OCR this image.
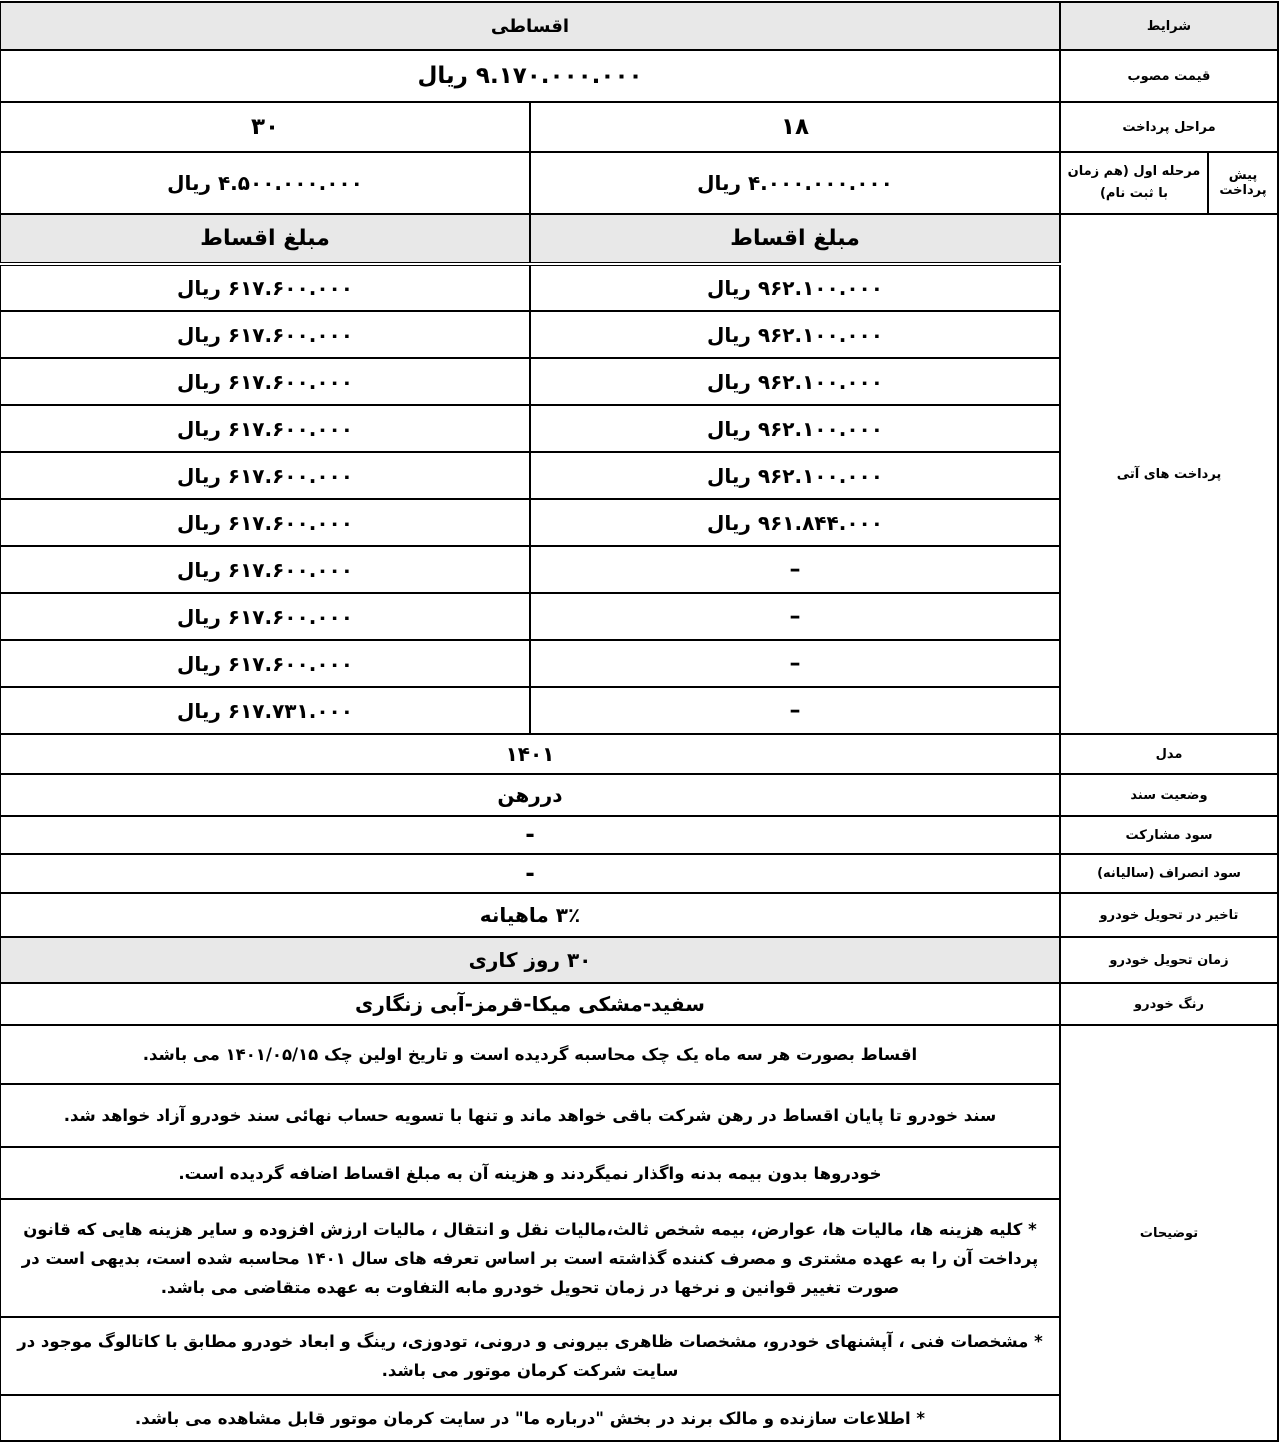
شرایط		اقساطی	
قیمت مصوب		۹.۱۷۰.۰۰۰.۰۰۰ ریال	
مراحل پرداخت		۱۸	۳۰
پیش پرداخت	مرحله اول (هم زمان با ثبت نام)	۴.۰۰۰.۰۰۰.۰۰۰ ریال	۴.۵۰۰.۰۰۰.۰۰۰ ریال
پرداخت های آتی		مبلغ اقساط	مبلغ اقساط
		۹۶۲.۱۰۰.۰۰۰ ریال	۶۱۷.۶۰۰.۰۰۰ ریال
		۹۶۲.۱۰۰.۰۰۰ ریال	۶۱۷.۶۰۰.۰۰۰ ریال
		۹۶۲.۱۰۰.۰۰۰ ریال	۶۱۷.۶۰۰.۰۰۰ ریال
		۹۶۲.۱۰۰.۰۰۰ ریال	۶۱۷.۶۰۰.۰۰۰ ریال
		۹۶۲.۱۰۰.۰۰۰ ریال	۶۱۷.۶۰۰.۰۰۰ ریال
		۹۶۱.۸۴۴.۰۰۰ ریال	۶۱۷.۶۰۰.۰۰۰ ریال
		–	۶۱۷.۶۰۰.۰۰۰ ریال
		–	۶۱۷.۶۰۰.۰۰۰ ریال
		–	۶۱۷.۶۰۰.۰۰۰ ریال
		–	۶۱۷.۷۳۱.۰۰۰ ریال
مدل		۱۴۰۱	
وضعیت سند		دررهن	
سود مشارکت		-	
سود انصراف (سالیانه)		-	
تاخیر در تحویل خودرو		۳٪ ماهیانه	
زمان تحویل خودرو		۳۰ روز کاری	
رنگ خودرو		سفید-مشکی میکا-قرمز-آبی زنگاری	
توضیحات		اقساط بصورت هر سه ماه یک چک محاسبه گردیده است و تاریخ اولین چک ۱۴۰۱/۰۵/۱۵ می باشد.	
		سند خودرو تا پایان اقساط در رهن شرکت باقی خواهد ماند و تنها با تسویه حساب نهائی سند خودرو آزاد خواهد شد.	
		خودروها بدون بیمه بدنه واگذار نمیگردند و هزینه آن به مبلغ اقساط اضافه گردیده است.	
		* کلیه هزینه ها، مالیات ها، عوارض، بیمه شخص ثالث،مالیات نقل و انتقال ، مالیات ارزش افزوده و سایر هزینه هایی که قانون پرداخت آن را به عهده مشتری و مصرف کننده گذاشته است بر اساس تعرفه های سال ۱۴۰۱ محاسبه شده است، بدیهی است در صورت تغییر قوانین و نرخها در زمان تحویل خودرو مابه التفاوت به عهده متقاضی می باشد.	
		* مشخصات فنی ، آپشنهای خودرو، مشخصات ظاهری بیرونی و درونی، تودوزی، رینگ و ابعاد خودرو مطابق با کاتالوگ موجود در سایت شرکت کرمان موتور می باشد.	
		* اطلاعات سازنده و مالک برند در بخش "درباره ما" در سایت کرمان موتور قابل مشاهده می باشد.	
